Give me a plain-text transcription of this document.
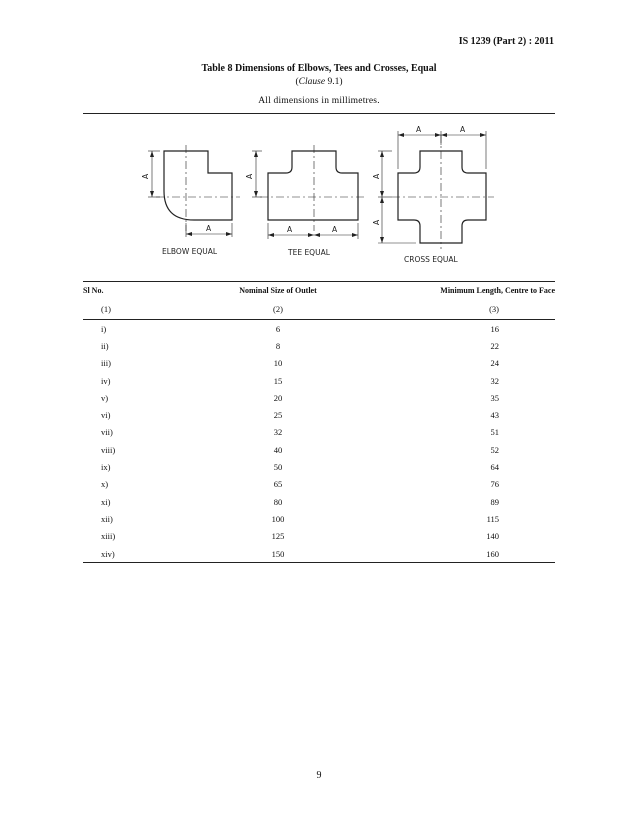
IS 1239 (Part 2) : 2011
Table 8 Dimensions of Elbows, Tees and Crosses, Equal
(Clause 9.1)
All dimensions in millimetres.
A
A
ELBOW EQUAL
A
A	A
TEE EQUAL
A
A
A	A
CROSS EQUAL
Sl No.	Nominal Size of Outlet	Minimum Length, Centre to Face
(1)	(2)	(3)
i)	6	16
ii)	8	22
iii)	10	24
iv)	15	32
v)	20	35
vi)	25	43
vii)	32	51
viii)	40	52
ix)	50	64
x)	65	76
xi)	80	89
xii)	100	115
xiii)	125	140
xiv)	150	160

9
